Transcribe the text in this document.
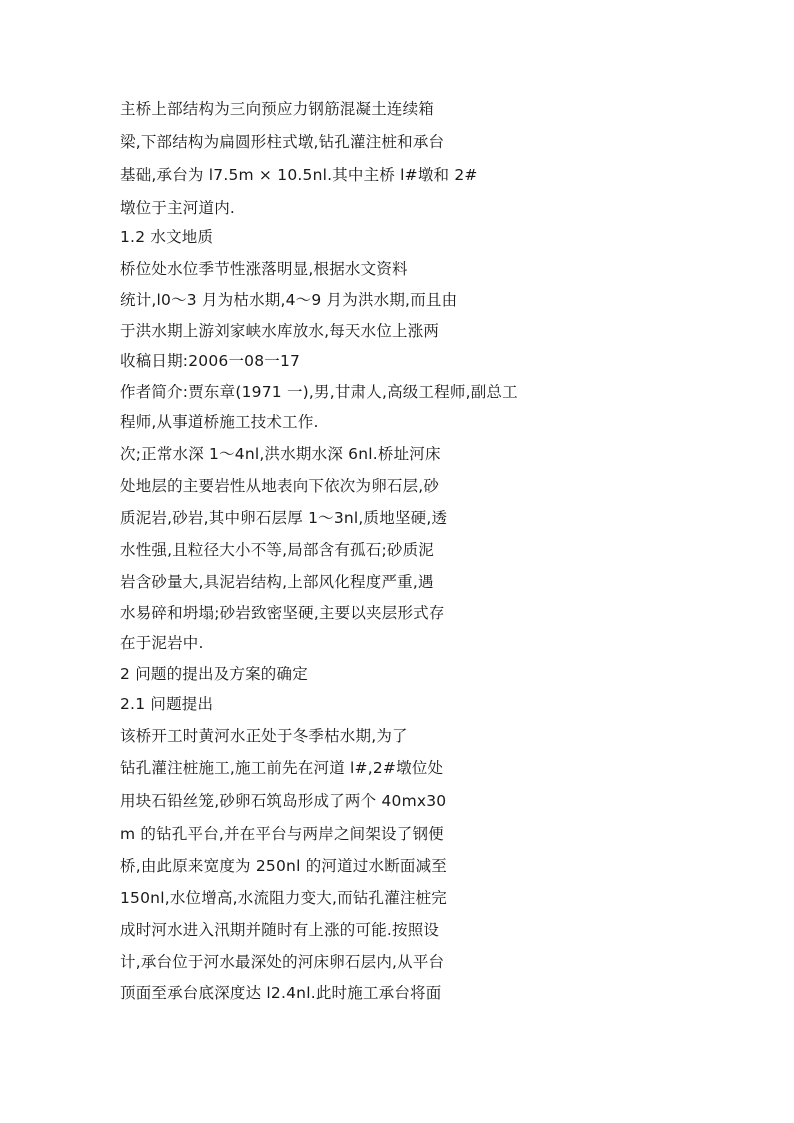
主桥上部结构为三向预应力钢筋混凝土连续箱
梁,下部结构为扁圆形柱式墩,钻孔灌注桩和承台
基础,承台为 l7.5m × 10.5nl.其中主桥 l#墩和 2#
墩位于主河道内.
1.2 水文地质
桥位处水位季节性涨落明显,根据水文资料
统计,l0～3 月为枯水期,4～9 月为洪水期,而且由
于洪水期上游刘家峡水库放水,每天水位上涨两
收稿日期:2006一08一17
作者简介:贾东章(1971 一),男,甘肃人,高级工程师,副总工
程师,从事道桥施工技术工作.
次;正常水深 1～4nl,洪水期水深 6nl.桥址河床
处地层的主要岩性从地表向下依次为卵石层,砂
质泥岩,砂岩,其中卵石层厚 1～3nl,质地坚硬,透
水性强,且粒径大小不等,局部含有孤石;砂质泥
岩含砂量大,具泥岩结构,上部风化程度严重,遇
水易碎和坍塌;砂岩致密坚硬,主要以夹层形式存
在于泥岩中.
2 问题的提出及方案的确定
2.1 问题提出
该桥开工时黄河水正处于冬季枯水期,为了
钻孔灌注桩施工,施工前先在河道 l#,2#墩位处
用块石铅丝笼,砂卵石筑岛形成了两个 40mx30
m 的钻孔平台,并在平台与两岸之间架设了钢便
桥,由此原来宽度为 250nl 的河道过水断面减至
150nl,水位增高,水流阻力变大,而钻孔灌注桩完
成时河水进入汛期并随时有上涨的可能.按照设
计,承台位于河水最深处的河床卵石层内,从平台
顶面至承台底深度达 l2.4nl.此时施工承台将面
